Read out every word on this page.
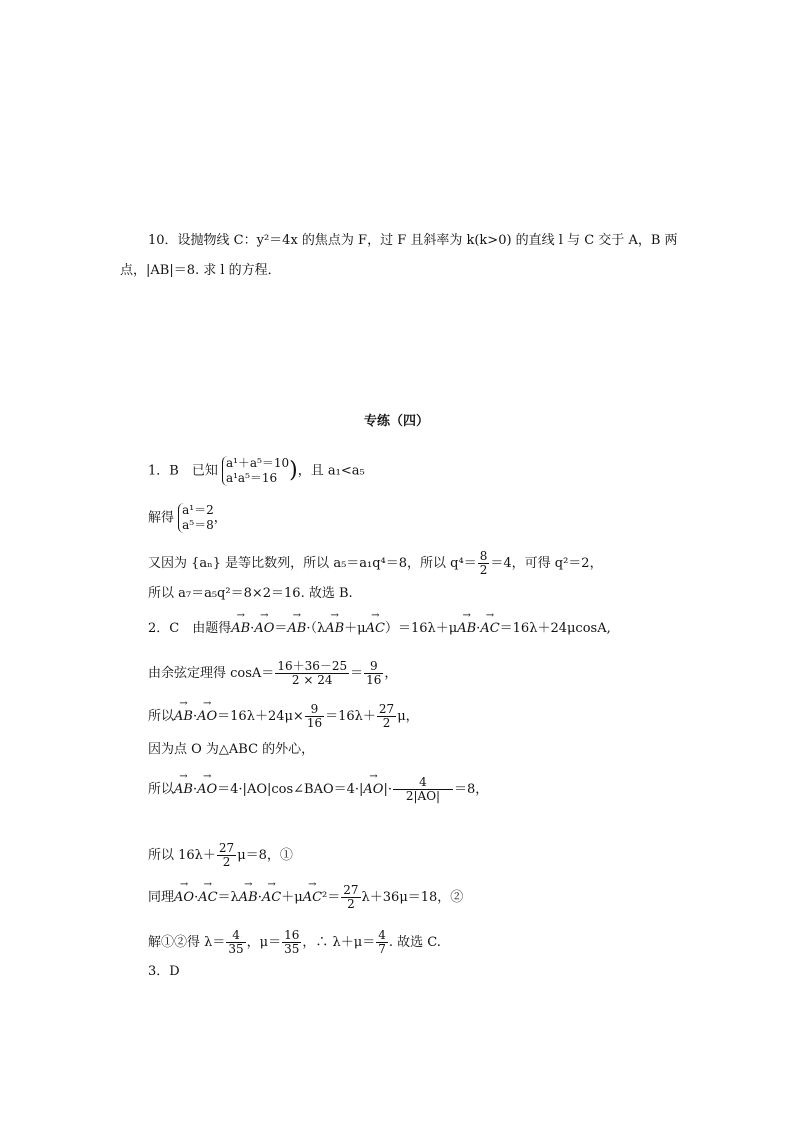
10．设抛物线 C：y²＝4x 的焦点为 F，过 F 且斜率为 k(k>0) 的直线 l 与 C 交于 A，B 两
点，|AB|＝8. 求 l 的方程．
专练（四）
1．B　已知
a¹＋a⁵＝10
a¹a⁵＝16 )，且 a₁<a₅
解得
a¹＝2
a⁵＝8 ，
又因为 {aₙ} 是等比数列，所以 a₅＝a₁q⁴＝8，所以 $q^4= \frac{8}{2} =4$，可得 q²＝2，
所以 a₇＝a₅q²＝8×2＝16. 故选 B.
2．C　由题得→ AB·→ AO＝→ AB·（λ→ AB＋μ→ AC）＝16λ＋μ→ AB·→ AC＝16λ＋24μcosA,
由余弦定理得 $\cos A= \frac{16+36-25}{2 \times 24} = \frac{9}{16}$ ，
所以→ $AB\cdot\to AO=16\lambda+24\mu\times \frac{9}{16} =16\lambda+ \frac{27}{2}$ μ，
因为点 O 为△ABC 的外心，
所以→ AB·→ AO＝4·|AO|cos∠BAO＝4·|→ $AO|\cdot \frac{4}{2|AO|} =8$，
所以 $16\lambda+ \frac{27}{2} \mu=8$，①
同理→ $AO\cdot\to AC=\lambda\to AB\cdot\to AC+\mu\to AC^2= \frac{27}{2} \lambda+36\mu=18$，②
解①②得 $\lambda= \frac{4}{35}$ ，$\mu= \frac{16}{35}$ ，∴ $\lambda+\mu= \frac{4}{7}$ . 故选 C.
3．D
